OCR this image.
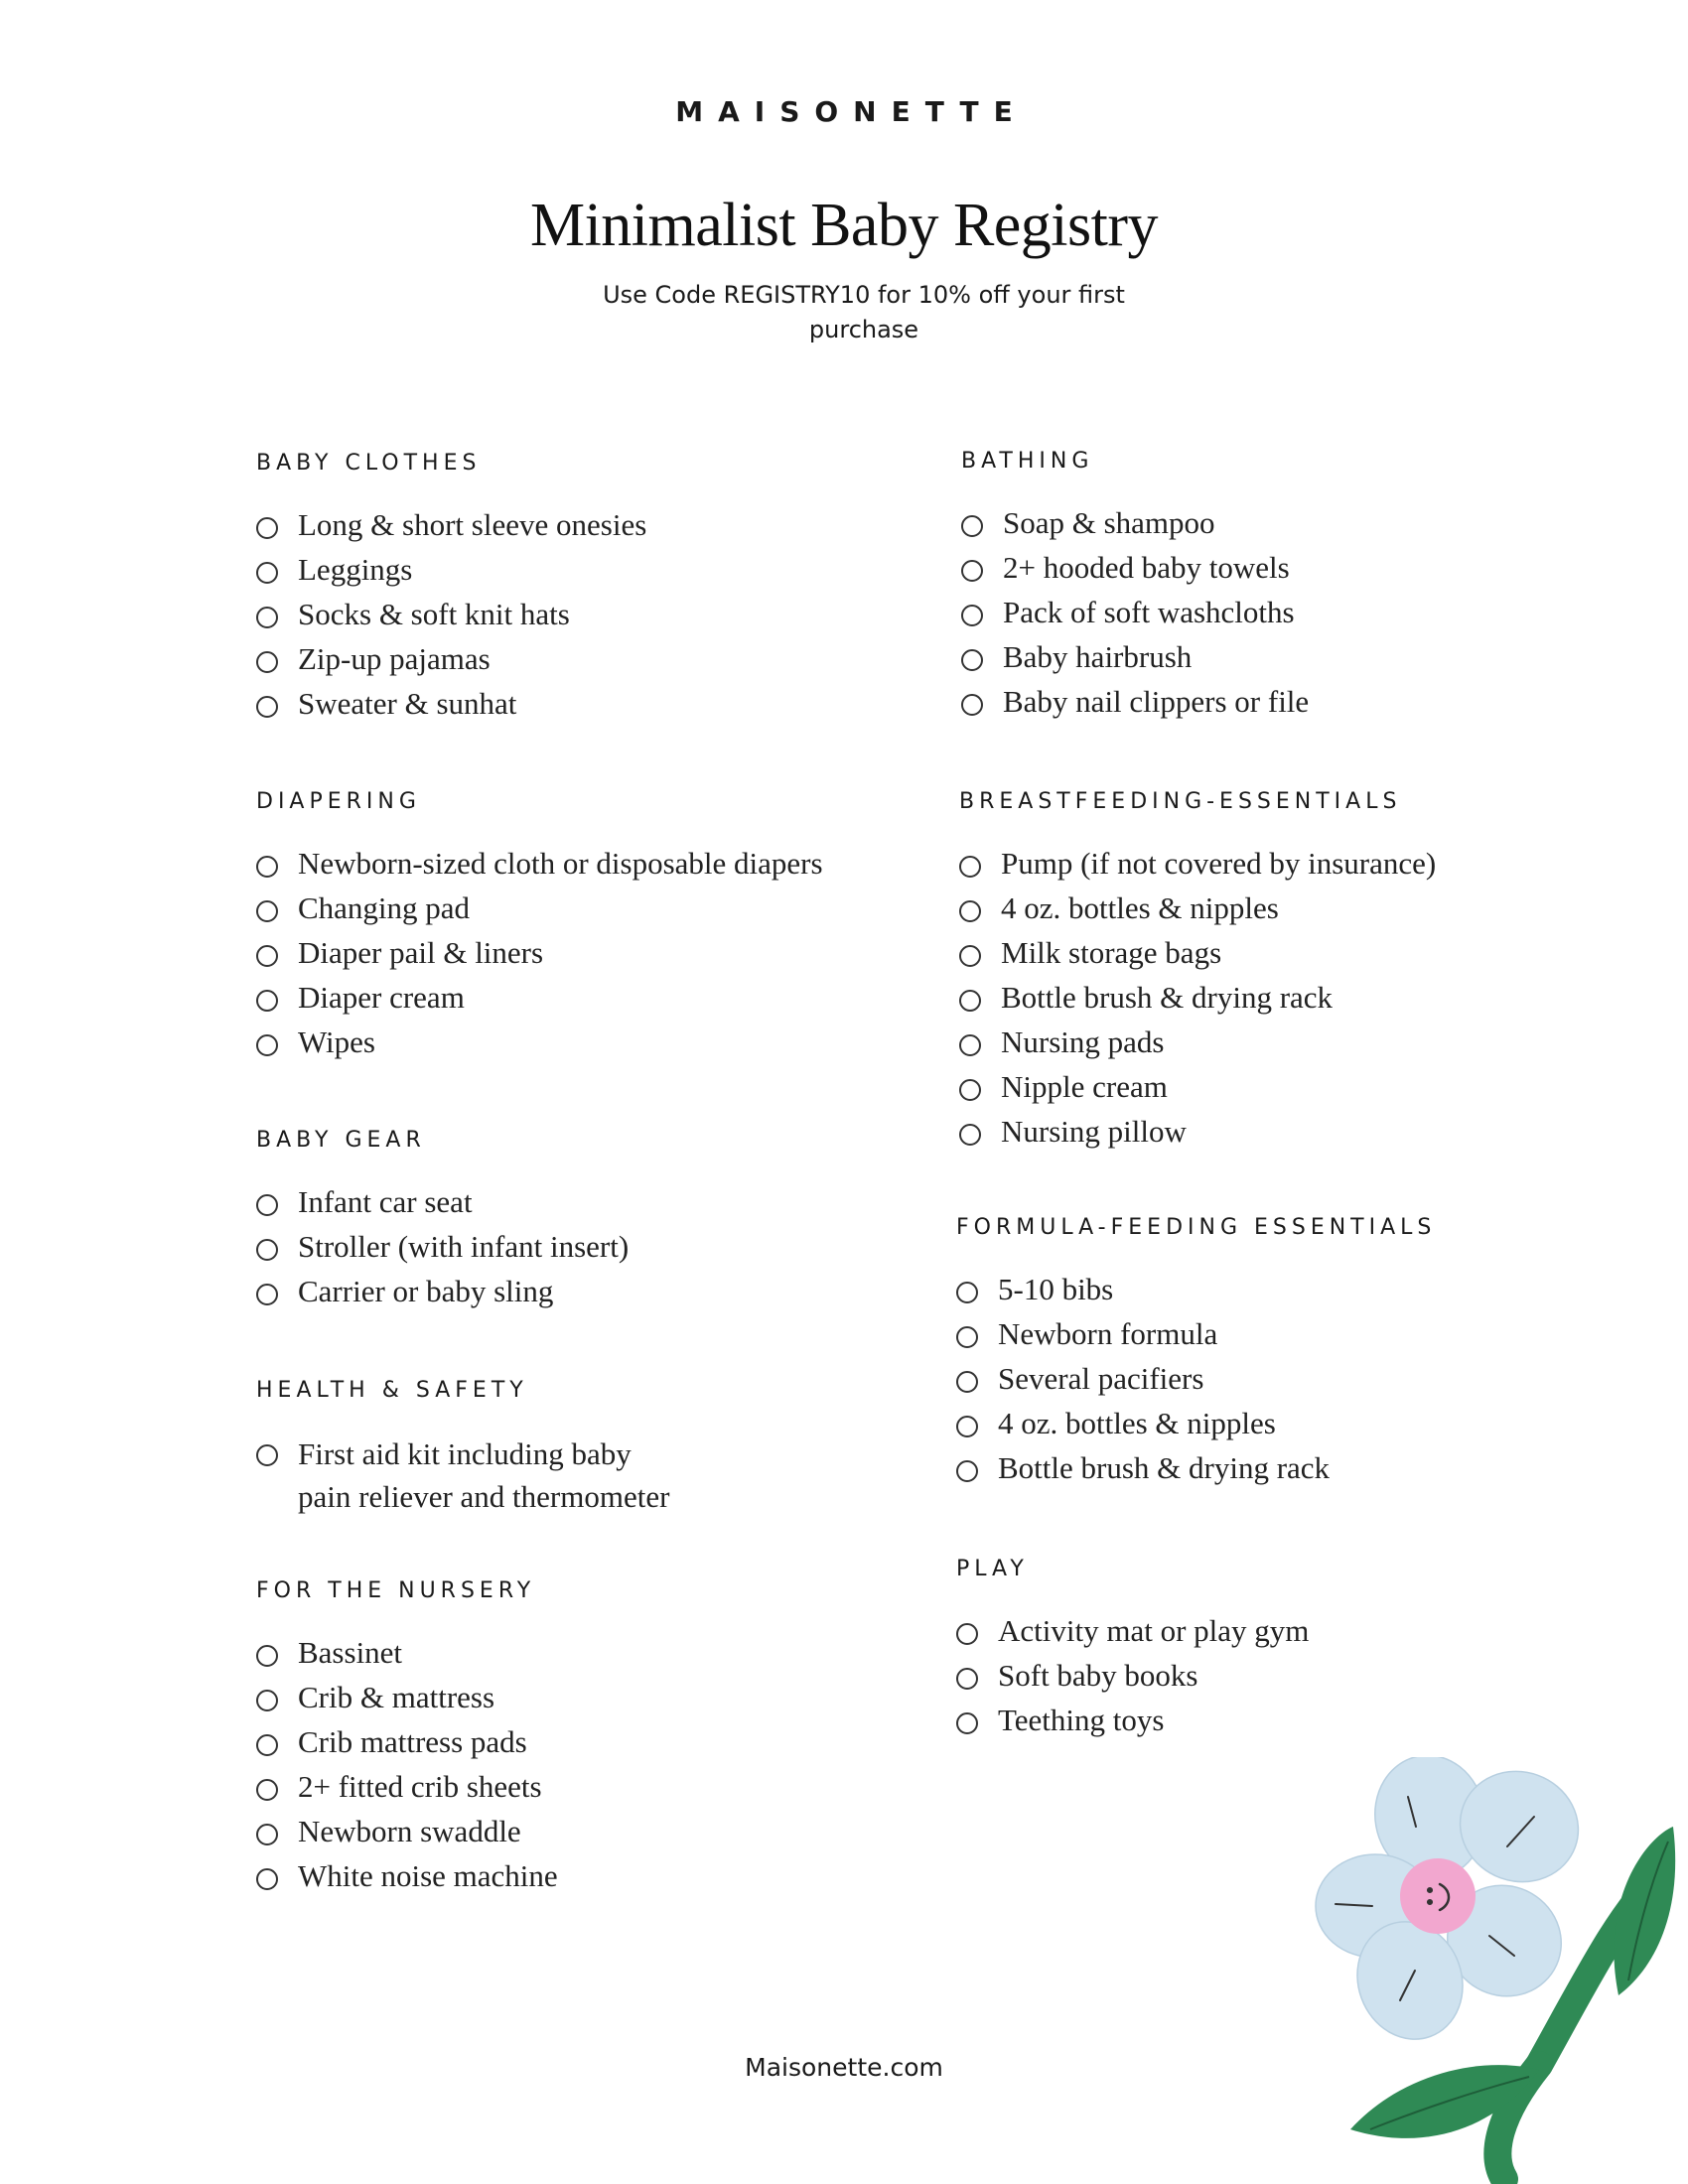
MAISONETTE
Minimalist Baby Registry
Use Code REGISTRY10 for 10% off your first purchase
BABY CLOTHES
Long & short sleeve onesies
Leggings
Socks & soft knit hats
Zip-up pajamas
Sweater & sunhat
DIAPERING
Newborn-sized cloth or disposable diapers
Changing pad
Diaper pail & liners
Diaper cream
Wipes
BABY GEAR
Infant car seat
Stroller (with infant insert)
Carrier or baby sling
HEALTH & SAFETY
First aid kit including baby pain reliever and thermometer
FOR THE NURSERY
Bassinet
Crib & mattress
Crib mattress pads
2+ fitted crib sheets
Newborn swaddle
White noise machine
BATHING
Soap & shampoo
2+ hooded baby towels
Pack of soft washcloths
Baby hairbrush
Baby nail clippers or file
BREASTFEEDING-ESSENTIALS
Pump (if not covered by insurance)
4 oz. bottles & nipples
Milk storage bags
Bottle brush & drying rack
Nursing pads
Nipple cream
Nursing pillow
FORMULA-FEEDING ESSENTIALS
5-10 bibs
Newborn formula
Several pacifiers
4 oz. bottles & nipples
Bottle brush & drying rack
PLAY
Activity mat or play gym
Soft baby books
Teething toys
Maisonette.com
